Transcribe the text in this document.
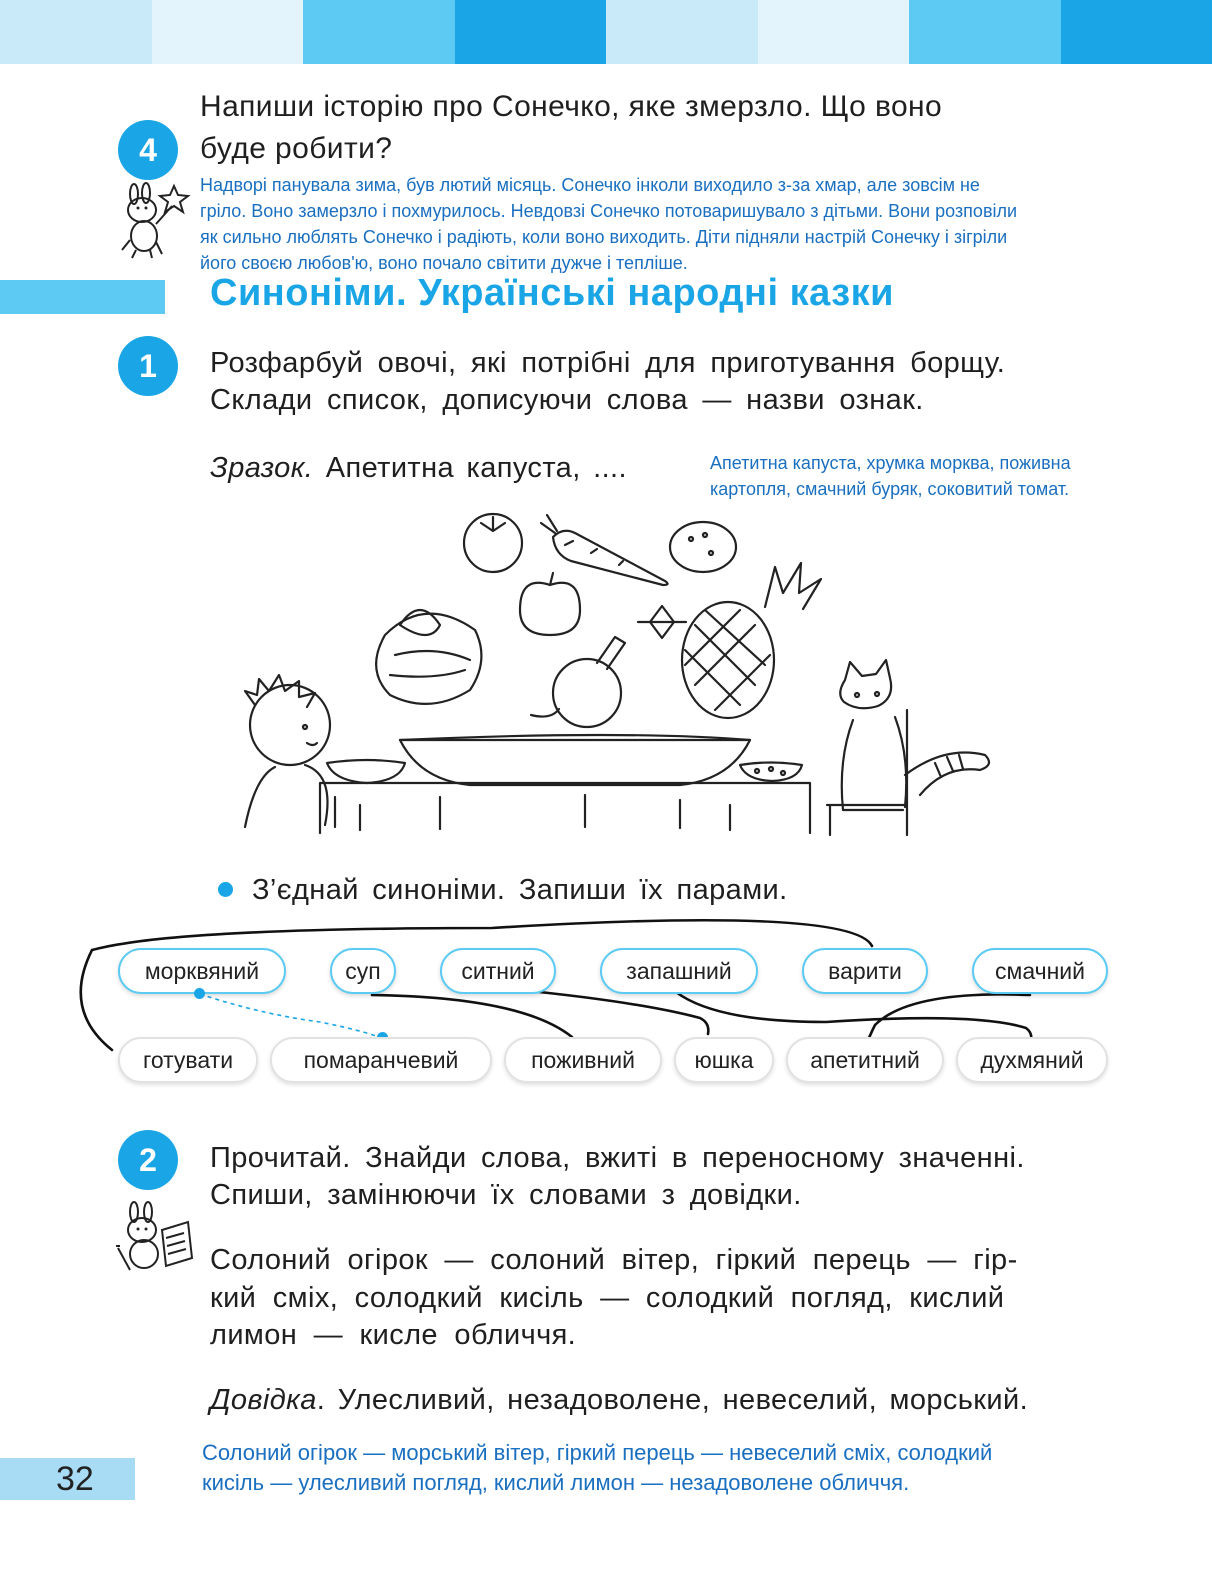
4
Напиши історію про Сонечко, яке змерзло. Що воно
буде робити?
Надворі панувала зима, був лютий місяць. Сонечко інколи виходило з-за хмар, але зовсім не
гріло. Воно замерзло і похмурилось. Невдовзі Сонечко потоваришувало з дітьми. Вони розповіли
як сильно люблять Сонечко і радіють, коли воно виходить. Діти підняли настрій Сонечку і зігріли
його своєю любов'ю, воно почало світити дужче і тепліше.
Синоніми. Українські народні казки
1	Розфарбуй овочі, які потрібні для приготування борщу.
Склади список, дописуючи слова — назви ознак.
Зразок. Апетитна капуста, ....	Апетитна капуста, хрумка морква, поживна
картопля, смачний буряк, соковитий томат.
З’єднай синоніми. Запиши їх парами.
морквяний	суп	ситний	запашний	варити	смачний
готувати	помаранчевий	поживний	юшка	апетитний	духмяний
2	Прочитай. Знайди слова, вжиті в переносному значенні.
Спиши, замінюючи їх словами з довідки.
Солоний огірок — солоний вітер, гіркий перець — гір-
кий сміх, солодкий кисіль — солодкий погляд, кислий
лимон — кисле обличчя.
Довідка. Улесливий, незадоволене, невеселий, морський.
Солоний огірок — морський вітер, гіркий перець — невеселий сміх, солодкий
кисіль — улесливий погляд, кислий лимон — незадоволене обличчя.
32
